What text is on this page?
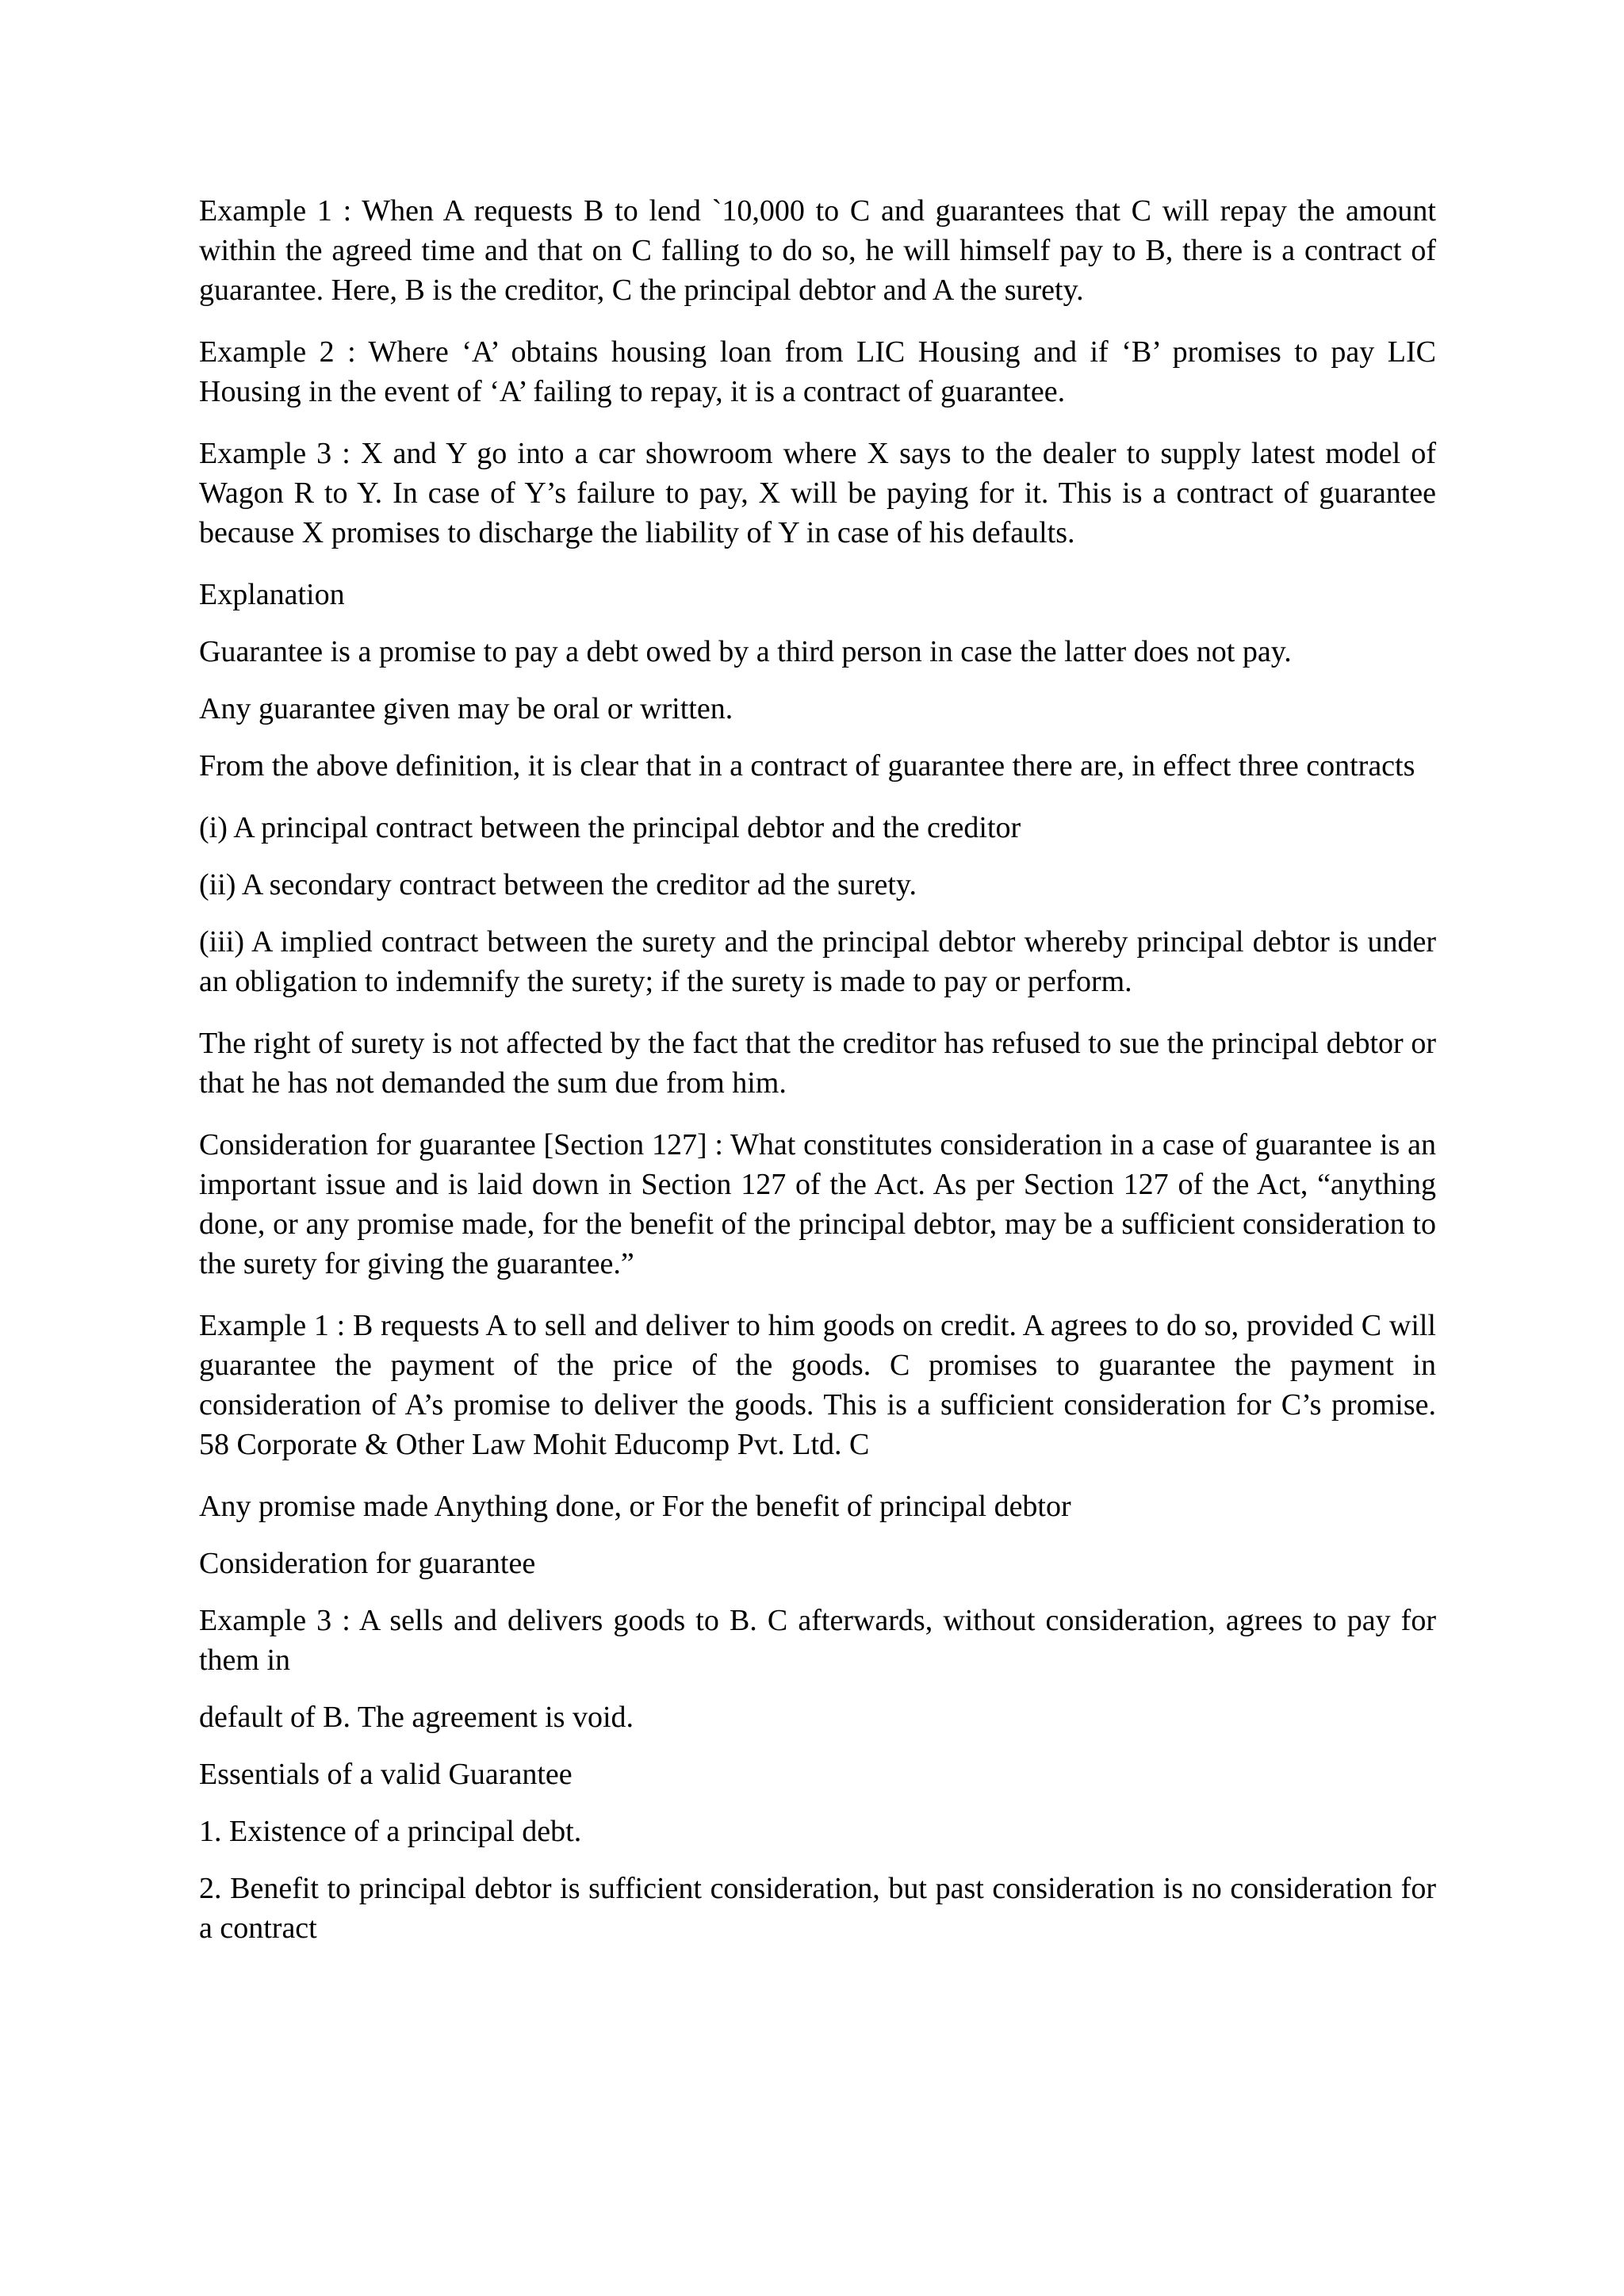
Example 1 : When A requests B to lend `10,000 to C and guarantees that C will repay the amount within the agreed time and that on C falling to do so, he will himself pay to B, there is a contract of guarantee. Here, B is the creditor, C the principal debtor and A the surety.

Example 2 : Where ‘A’ obtains housing loan from LIC Housing and if ‘B’ promises to pay LIC Housing in the event of ‘A’ failing to repay, it is a contract of guarantee.

Example 3 : X and Y go into a car showroom where X says to the dealer to supply latest model of Wagon R to Y. In case of Y’s failure to pay, X will be paying for it. This is a contract of guarantee because X promises to discharge the liability of Y in case of his defaults.

Explanation

Guarantee is a promise to pay a debt owed by a third person in case the latter does not pay.

Any guarantee given may be oral or written.

From the above definition, it is clear that in a contract of guarantee there are, in effect three contracts

(i) A principal contract between the principal debtor and the creditor

(ii) A secondary contract between the creditor ad the surety.

(iii) A implied contract between the surety and the principal debtor whereby principal debtor is under an obligation to indemnify the surety; if the surety is made to pay or perform.

The right of surety is not affected by the fact that the creditor has refused to sue the principal debtor or that he has not demanded the sum due from him.

Consideration for guarantee [Section 127] : What constitutes consideration in a case of guarantee is an important issue and is laid down in Section 127 of the Act. As per Section 127 of the Act, “anything done, or any promise made, for the benefit of the principal debtor, may be a sufficient consideration to the surety for giving the guarantee.”

Example 1 : B requests A to sell and deliver to him goods on credit. A agrees to do so, provided C will guarantee the payment of the price of the goods. C promises to guarantee the payment in consideration of A’s promise to deliver the goods. This is a sufficient consideration for C’s promise. 58 Corporate & Other Law Mohit Educomp Pvt. Ltd. C

Any promise made Anything done, or For the benefit of principal debtor

Consideration for guarantee

Example 3 : A sells and delivers goods to B. C afterwards, without consideration, agrees to pay for them in

default of B. The agreement is void.

Essentials of a valid Guarantee

1. Existence of a principal debt.

2. Benefit to principal debtor is sufficient consideration, but past consideration is no consideration for a contract
